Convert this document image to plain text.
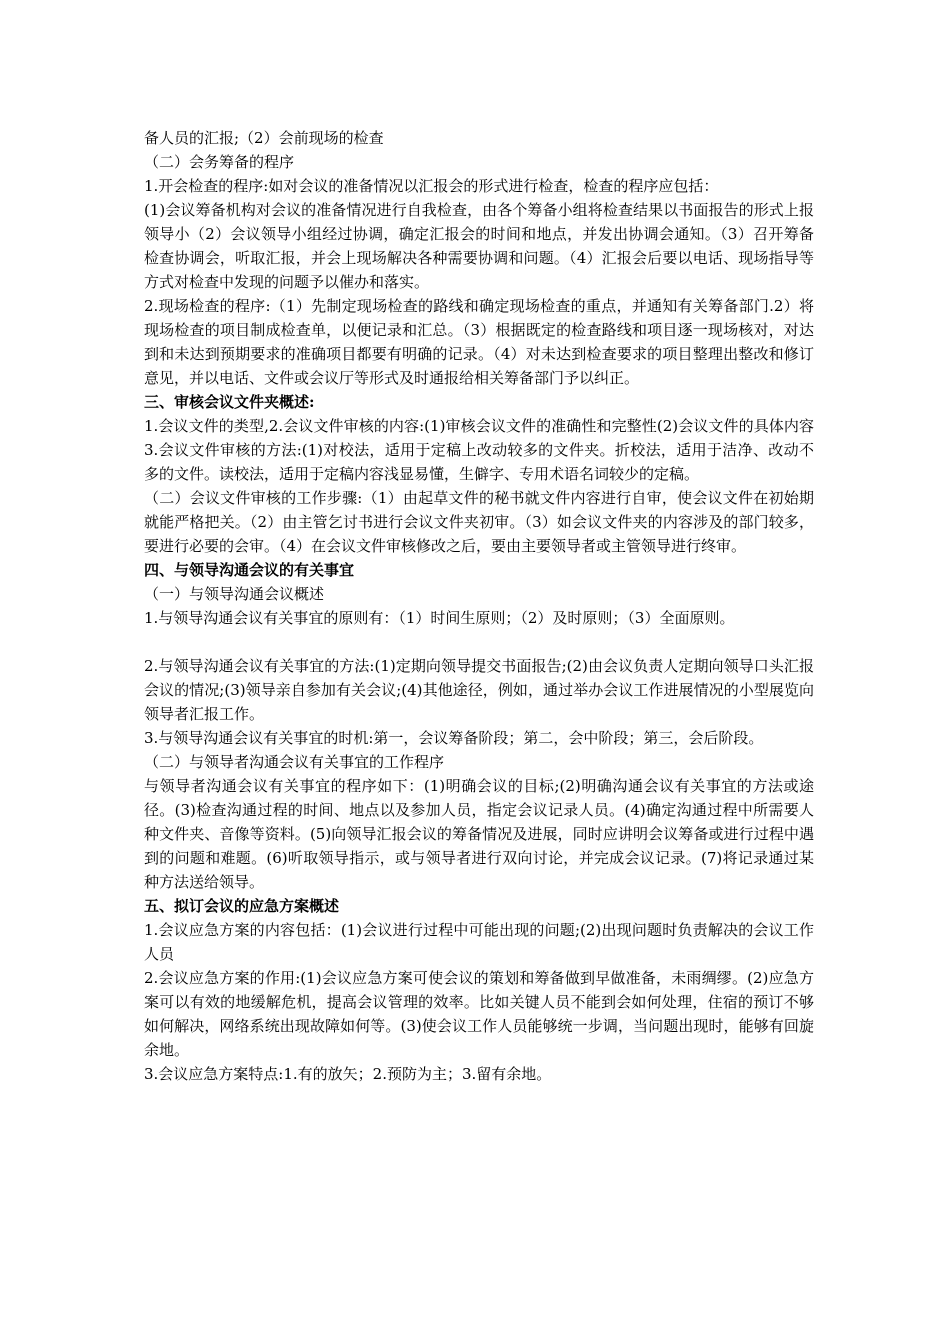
备人员的汇报;（2）会前现场的检查

（二）会务筹备的程序

1.开会检查的程序:如对会议的准备情况以汇报会的形式进行检查，检查的程序应包括：

(1)会议筹备机构对会议的准备情况进行自我检查，由各个筹备小组将检查结果以书面报告的形式上报领导小（2）会议领导小组经过协调，确定汇报会的时间和地点，并发出协调会通知。（3）召开筹备检查协调会，听取汇报，并会上现场解决各种需要协调和问题。（4）汇报会后要以电话、现场指导等方式对检查中发现的问题予以催办和落实。

2.现场检查的程序:（1）先制定现场检查的路线和确定现场检查的重点，并通知有关筹备部门.2）将现场检查的项目制成检查单，以便记录和汇总。（3）根据既定的检查路线和项目逐一现场核对，对达到和未达到预期要求的准确项目都要有明确的记录。（4）对未达到检查要求的项目整理出整改和修订意见，并以电话、文件或会议厅等形式及时通报给相关筹备部门予以纠正。

三、审核会议文件夹概述:

1.会议文件的类型,2.会议文件审核的内容:(1)审核会议文件的准确性和完整性(2)会议文件的具体内容 3.会议文件审核的方法:(1)对校法，适用于定稿上改动较多的文件夹。折校法，适用于洁净、改动不多的文件。读校法，适用于定稿内容浅显易懂，生僻字、专用术语名词较少的定稿。

（二）会议文件审核的工作步骤:（1）由起草文件的秘书就文件内容进行自审，使会议文件在初始期就能严格把关。（2）由主管乞讨书进行会议文件夹初审。（3）如会议文件夹的内容涉及的部门较多，要进行必要的会审。（4）在会议文件审核修改之后，要由主要领导者或主管领导进行终审。

四、与领导沟通会议的有关事宜

（一）与领导沟通会议概述

1.与领导沟通会议有关事宜的原则有：（1）时间生原则；（2）及时原则；（3）全面原则。

2.与领导沟通会议有关事宜的方法:(1)定期向领导提交书面报告;(2)由会议负责人定期向领导口头汇报会议的情况;(3)领导亲自参加有关会议;(4)其他途径，例如，通过举办会议工作进展情况的小型展览向领导者汇报工作。

3.与领导沟通会议有关事宜的时机:第一，会议筹备阶段；第二，会中阶段；第三，会后阶段。

（二）与领导者沟通会议有关事宜的工作程序

与领导者沟通会议有关事宜的程序如下：(1)明确会议的目标;(2)明确沟通会议有关事宜的方法或途径。(3)检查沟通过程的时间、地点以及参加人员，指定会议记录人员。(4)确定沟通过程中所需要人种文件夹、音像等资料。(5)向领导汇报会议的筹备情况及进展，同时应讲明会议筹备或进行过程中遇到的问题和难题。(6)听取领导指示，或与领导者进行双向讨论，并完成会议记录。(7)将记录通过某种方法送给领导。

五、拟订会议的应急方案概述

1.会议应急方案的内容包括：(1)会议进行过程中可能出现的问题;(2)出现问题时负责解决的会议工作人员

2.会议应急方案的作用:(1)会议应急方案可使会议的策划和筹备做到早做准备，未雨绸缪。(2)应急方案可以有效的地缓解危机，提高会议管理的效率。比如关键人员不能到会如何处理，住宿的预订不够如何解决，网络系统出现故障如何等。(3)使会议工作人员能够统一步调，当问题出现时，能够有回旋余地。

3.会议应急方案特点:1.有的放矢；2.预防为主；3.留有余地。
